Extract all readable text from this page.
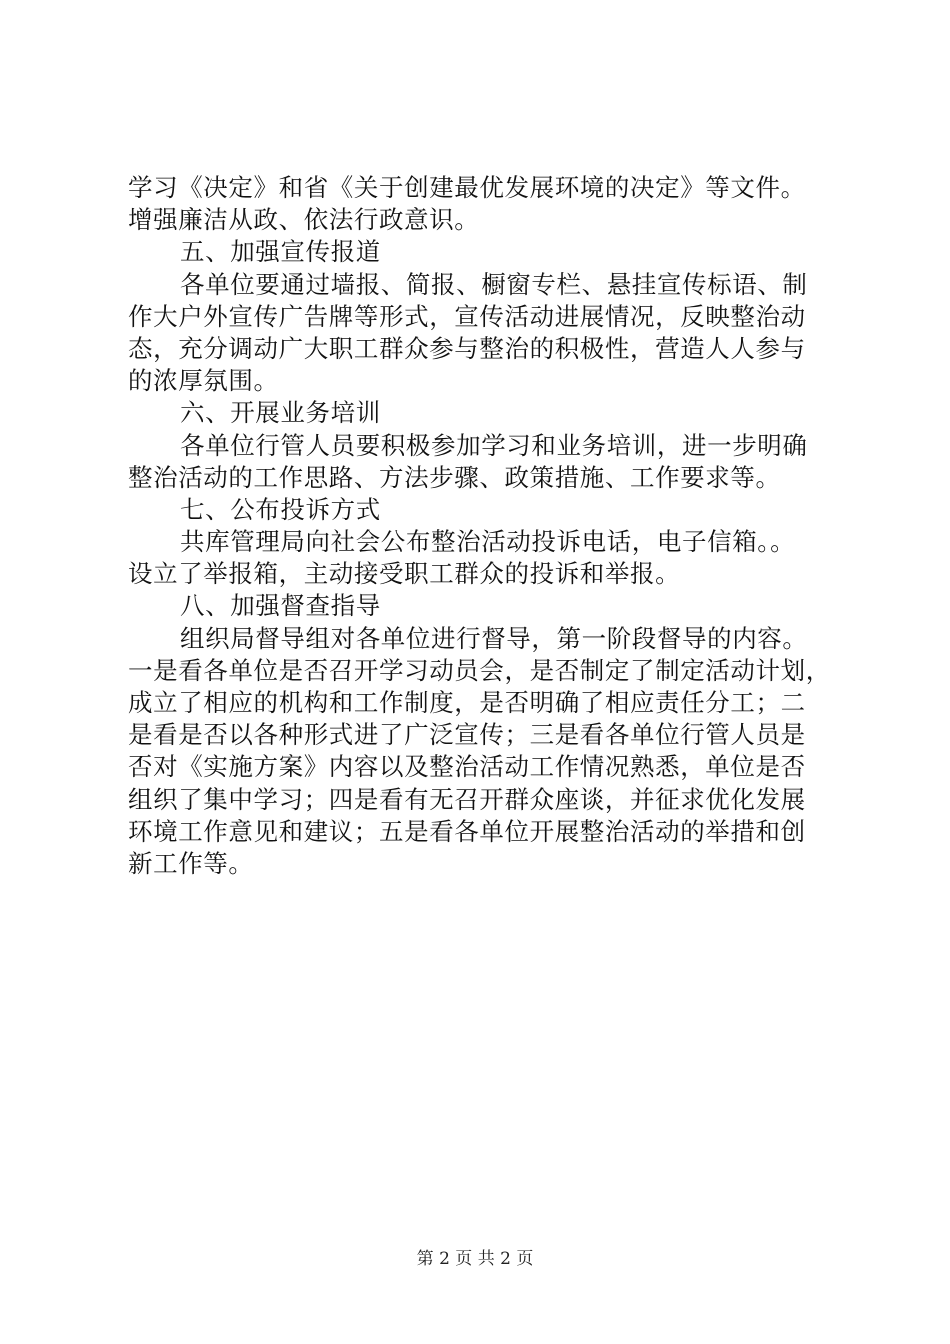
学习《决定》和省《关于创建最优发展环境的决定》等文件。
增强廉洁从政、依法行政意识。
五、加强宣传报道
各单位要通过墙报、简报、橱窗专栏、悬挂宣传标语、制
作大户外宣传广告牌等形式，宣传活动进展情况，反映整治动
态，充分调动广大职工群众参与整治的积极性，营造人人参与
的浓厚氛围。
六、开展业务培训
各单位行管人员要积极参加学习和业务培训，进一步明确
整治活动的工作思路、方法步骤、政策措施、工作要求等。
七、公布投诉方式
共库管理局向社会公布整治活动投诉电话，电子信箱。。
设立了举报箱，主动接受职工群众的投诉和举报。
八、加强督查指导
组织局督导组对各单位进行督导，第一阶段督导的内容。
一是看各单位是否召开学习动员会，是否制定了制定活动计划，
成立了相应的机构和工作制度，是否明确了相应责任分工；二
是看是否以各种形式进了广泛宣传；三是看各单位行管人员是
否对《实施方案》内容以及整治活动工作情况熟悉，单位是否
组织了集中学习；四是看有无召开群众座谈，并征求优化发展
环境工作意见和建议；五是看各单位开展整治活动的举措和创
新工作等。
第 2 页 共 2 页
